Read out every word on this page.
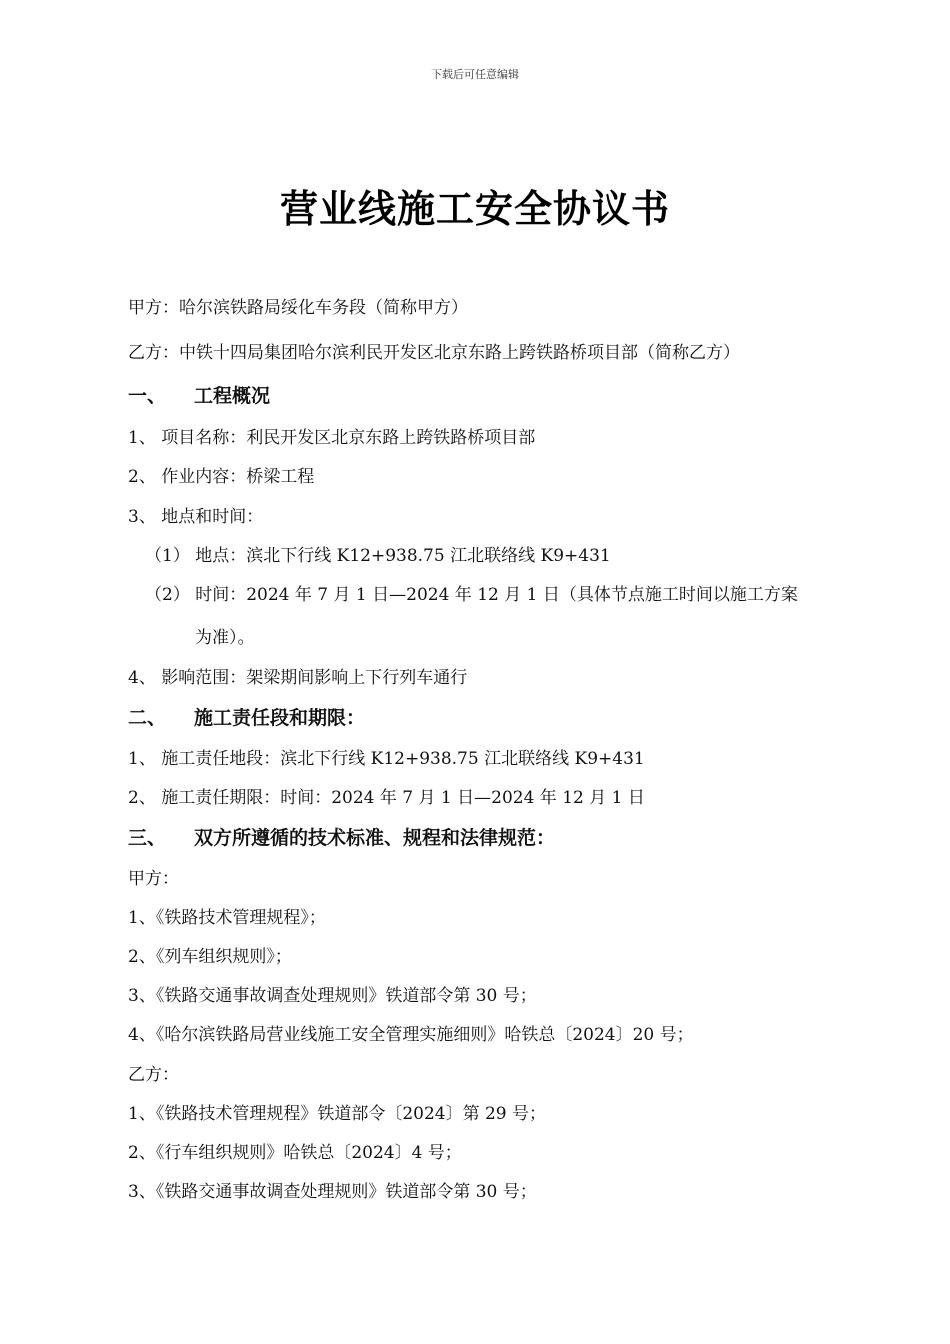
下载后可任意编辑
营业线施工安全协议书
甲方：哈尔滨铁路局绥化车务段（简称甲方）
乙方：中铁十四局集团哈尔滨利民开发区北京东路上跨铁路桥项目部（简称乙方）
一、 工程概况
1、 项目名称：利民开发区北京东路上跨铁路桥项目部
2、 作业内容：桥梁工程
3、 地点和时间：
（1） 地点：滨北下行线 K12+938.75 江北联络线 K9+431
（2） 时间：2024 年 7 月 1 日—2024 年 12 月 1 日（具体节点施工时间以施工方案
为准）。
4、 影响范围：架梁期间影响上下行列车通行
二、 施工责任段和期限：
1、 施工责任地段：滨北下行线 K12+938.75 江北联络线 K9+431
2、 施工责任期限：时间：2024 年 7 月 1 日—2024 年 12 月 1 日
三、 双方所遵循的技术标准、规程和法律规范：
甲方：
1、《铁路技术管理规程》；
2、《列车组织规则》；
3、《铁路交通事故调查处理规则》铁道部令第 30 号；
4、《哈尔滨铁路局营业线施工安全管理实施细则》哈铁总〔2024〕20 号；
乙方：
1、《铁路技术管理规程》铁道部令〔2024〕第 29 号；
2、《行车组织规则》哈铁总〔2024〕4 号；
3、《铁路交通事故调查处理规则》铁道部令第 30 号；
